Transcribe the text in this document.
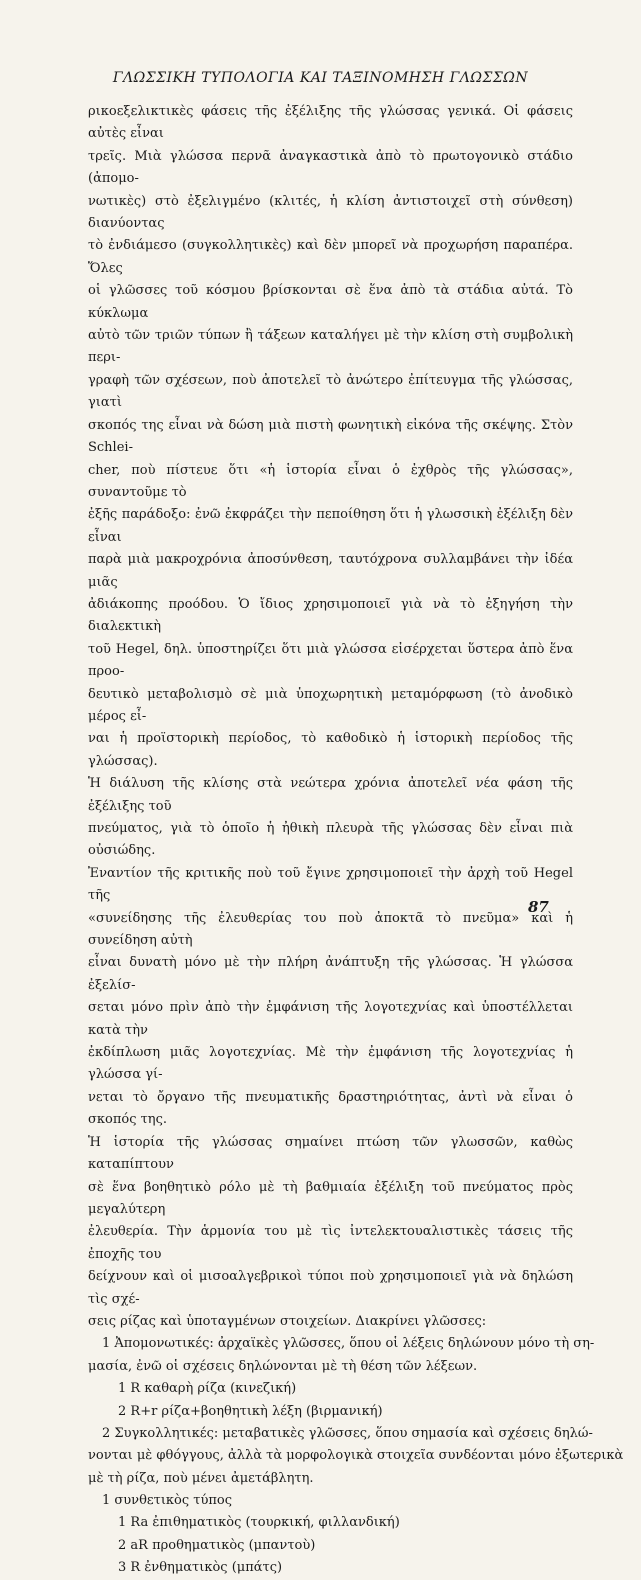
ΓΛΩΣΣΙΚΗ ΤΥΠΟΛΟΓΙΑ ΚΑΙ ΤΑΞΙΝΟΜΗΣΗ ΓΛΩΣΣΩΝ

ρικοεξελικτικὲς φάσεις τῆς ἐξέλιξης τῆς γλώσσας γενικά. Οἱ φάσεις αὐτὲς εἶναι
τρεῖς. Μιὰ γλώσσα περνᾶ ἀναγκαστικὰ ἀπὸ τὸ πρωτογονικὸ στάδιο (ἀπομο-
νωτικὲς) στὸ ἐξελιγμένο (κλιτές, ἡ κλίση ἀντιστοιχεῖ στὴ σύνθεση) διανύοντας
τὸ ἐνδιάμεσο (συγκολλητικὲς) καὶ δὲν μπορεῖ νὰ προχωρήση παραπέρα. Ὅλες
οἱ γλῶσσες τοῦ κόσμου βρίσκονται σὲ ἕνα ἀπὸ τὰ στάδια αὐτά. Τὸ κύκλωμα
αὐτὸ τῶν τριῶν τύπων ἢ τάξεων καταλήγει μὲ τὴν κλίση στὴ συμβολικὴ περι-
γραφὴ τῶν σχέσεων, ποὺ ἀποτελεῖ τὸ ἀνώτερο ἐπίτευγμα τῆς γλώσσας, γιατὶ
σκοπός της εἶναι νὰ δώση μιὰ πιστὴ φωνητικὴ εἰκόνα τῆς σκέψης. Στὸν Schlei-
cher, ποὺ πίστευε ὅτι «ἡ ἱστορία εἶναι ὁ ἐχθρὸς τῆς γλώσσας», συναντοῦμε τὸ
ἐξῆς παράδοξο: ἐνῶ ἐκφράζει τὴν πεποίθηση ὅτι ἡ γλωσσικὴ ἐξέλιξη δὲν εἶναι
παρὰ μιὰ μακροχρόνια ἀποσύνθεση, ταυτόχρονα συλλαμβάνει τὴν ἰδέα μιᾶς
ἀδιάκοπης προόδου. Ὁ ἴδιος χρησιμοποιεῖ γιὰ νὰ τὸ ἐξηγήση τὴν διαλεκτικὴ
τοῦ Hegel, δηλ. ὑποστηρίζει ὅτι μιὰ γλώσσα εἰσέρχεται ὕστερα ἀπὸ ἕνα προο-
δευτικὸ μεταβολισμὸ σὲ μιὰ ὑποχωρητικὴ μεταμόρφωση (τὸ ἀνοδικὸ μέρος εἶ-
ναι ἡ προϊστορικὴ περίοδος, τὸ καθοδικὸ ἡ ἱστορικὴ περίοδος τῆς γλώσσας).
Ἡ διάλυση τῆς κλίσης στὰ νεώτερα χρόνια ἀποτελεῖ νέα φάση τῆς ἐξέλιξης τοῦ
πνεύματος, γιὰ τὸ ὁποῖο ἡ ἠθικὴ πλευρὰ τῆς γλώσσας δὲν εἶναι πιὰ οὐσιώδης.
Ἐναντίον τῆς κριτικῆς ποὺ τοῦ ἔγινε χρησιμοποιεῖ τὴν ἀρχὴ τοῦ Hegel τῆς
«συνείδησης τῆς ἐλευθερίας του ποὺ ἀποκτᾶ τὸ πνεῦμα» καὶ ἡ συνείδηση αὐτὴ
εἶναι δυνατὴ μόνο μὲ τὴν πλήρη ἀνάπτυξη τῆς γλώσσας. Ἡ γλώσσα ἐξελίσ-
σεται μόνο πρὶν ἀπὸ τὴν ἐμφάνιση τῆς λογοτεχνίας καὶ ὑποστέλλεται κατὰ τὴν
ἐκδίπλωση μιᾶς λογοτεχνίας. Μὲ τὴν ἐμφάνιση τῆς λογοτεχνίας ἡ γλώσσα γί-
νεται τὸ ὄργανο τῆς πνευματικῆς δραστηριότητας, ἀντὶ νὰ εἶναι ὁ σκοπός της.
Ἡ ἱστορία τῆς γλώσσας σημαίνει πτώση τῶν γλωσσῶν, καθὼς καταπίπτουν
σὲ ἕνα βοηθητικὸ ρόλο μὲ τὴ βαθμιαία ἐξέλιξη τοῦ πνεύματος πρὸς μεγαλύτερη
ἐλευθερία. Τὴν ἁρμονία του μὲ τὶς ἰντελεκτουαλιστικὲς τάσεις τῆς ἐποχῆς του
δείχνουν καὶ οἱ μισοαλγεβρικοὶ τύποι ποὺ χρησιμοποιεῖ γιὰ νὰ δηλώση τὶς σχέ-
σεις ρίζας καὶ ὑποταγμένων στοιχείων. Διακρίνει γλῶσσες:

1 Ἀπομονωτικές: ἀρχαϊκὲς γλῶσσες, ὅπου οἱ λέξεις δηλώνουν μόνο τὴ ση-
μασία, ἐνῶ οἱ σχέσεις δηλώνονται μὲ τὴ θέση τῶν λέξεων.
1 R καθαρὴ ρίζα (κινεζική)
2 R+r ρίζα+βοηθητικὴ λέξη (βιρμανική)
2 Συγκολλητικές: μεταβατικὲς γλῶσσες, ὅπου σημασία καὶ σχέσεις δηλώ-
νονται μὲ φθόγγους, ἀλλὰ τὰ μορφολογικὰ στοιχεῖα συνδέονται μόνο ἐξωτερικὰ
μὲ τὴ ρίζα, ποὺ μένει ἀμετάβλητη.
1 συνθετικὸς τύπος
1 Ra ἐπιθηματικὸς (τουρκική, φιλλανδική)
2 aR προθηματικὸς (μπαντοὺ)
3 R ἐνθηματικὸς (μπάτς)
87
